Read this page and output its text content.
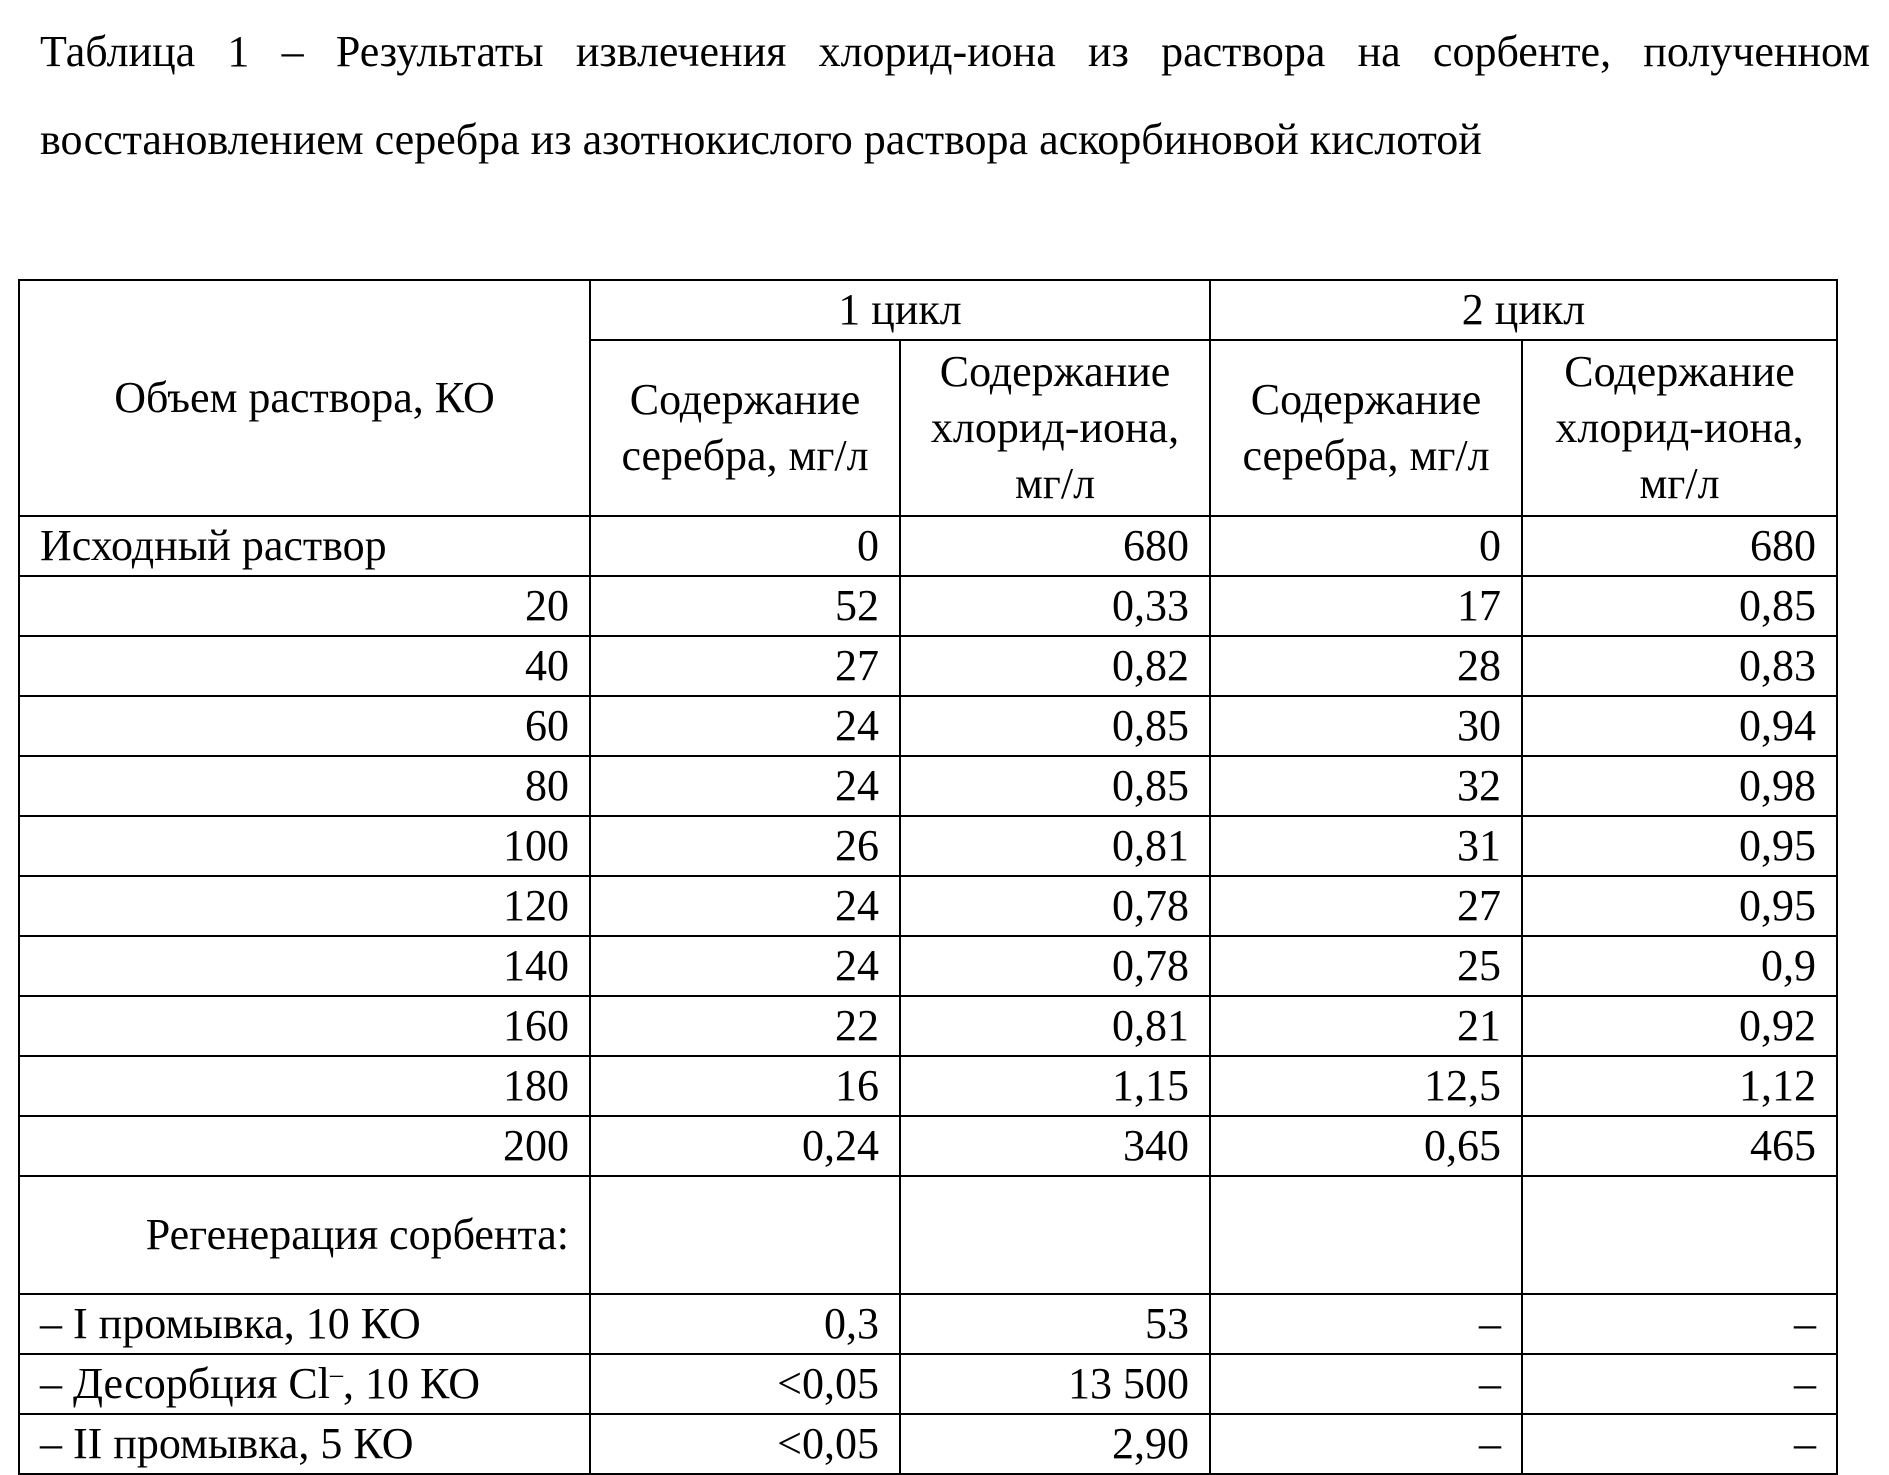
Таблица 1 – Результаты извлечения хлорид-иона из раствора на сорбенте, полученном восстановлением серебра из азотнокислого раствора аскорбиновой кислотой
Объем раствора, КО	1 цикл		2 цикл	
	Содержание серебра, мг/л	Содержание хлорид-иона, мг/л	Содержание серебра, мг/л	Содержание хлорид-иона, мг/л
Исходный раствор	0	680	0	680
20	52	0,33	17	0,85
40	27	0,82	28	0,83
60	24	0,85	30	0,94
80	24	0,85	32	0,98
100	26	0,81	31	0,95
120	24	0,78	27	0,95
140	24	0,78	25	0,9
160	22	0,81	21	0,92
180	16	1,15	12,5	1,12
200	0,24	340	0,65	465
Регенерация сорбента:				
– I промывка, 10 КО	0,3	53	–	–
– Десорбция Cl–, 10 КО	<0,05	13 500	–	–
– II промывка, 5 КО	<0,05	2,90	–	–
